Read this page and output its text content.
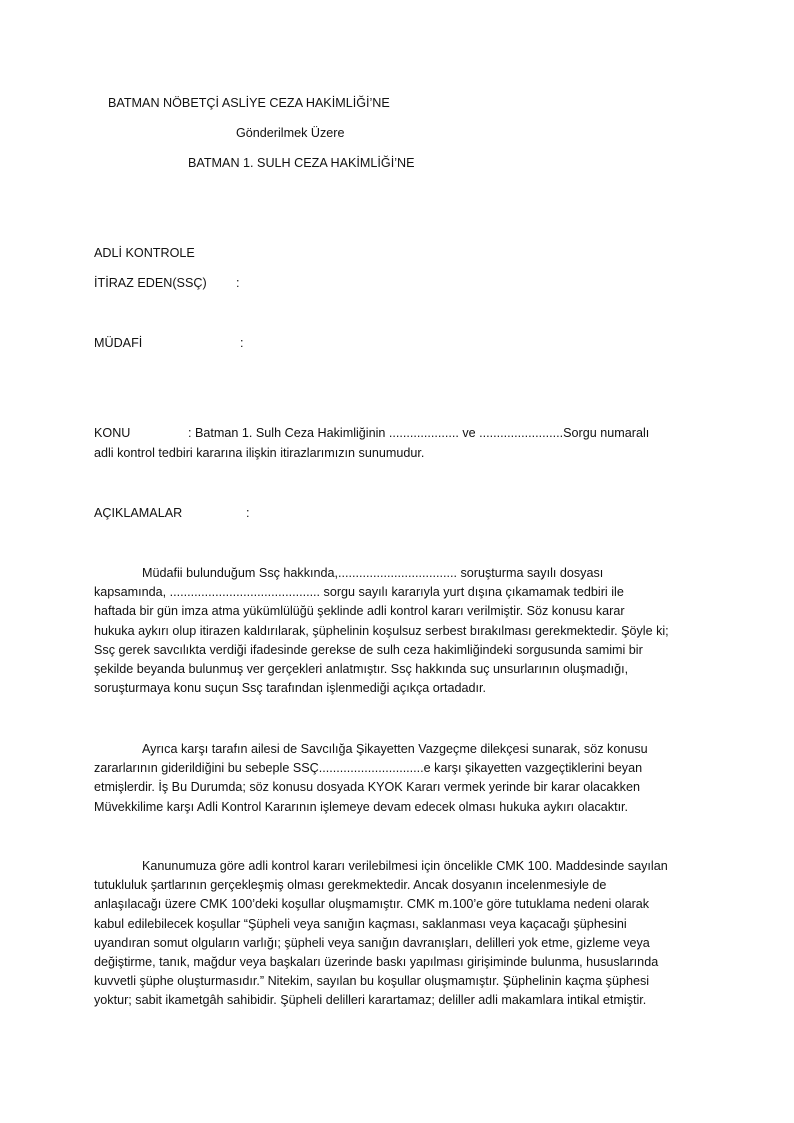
BATMAN NÖBETÇİ ASLİYE CEZA HAKİMLİĞİ’NE
Gönderilmek Üzere
BATMAN 1. SULH CEZA HAKİMLİĞİ’NE
ADLİ KONTROLE
İTİRAZ EDEN(SSÇ) :
MÜDAFİ	:
KONU	: Batman 1. Sulh Ceza Hakimliğinin .................... ve ........................Sorgu numaralı
adli kontrol tedbiri kararına ilişkin itirazlarımızın sunumudur.
AÇIKLAMALAR	:
Müdafii bulunduğum Ssç hakkında,.................................. soruşturma sayılı dosyası
kapsamında, ........................................... sorgu sayılı kararıyla yurt dışına çıkamamak tedbiri ile
haftada bir gün imza atma yükümlülüğü şeklinde adli kontrol kararı verilmiştir. Söz konusu karar
hukuka aykırı olup itirazen kaldırılarak, şüphelinin koşulsuz serbest bırakılması gerekmektedir. Şöyle ki;
Ssç gerek savcılıkta verdiği ifadesinde gerekse de sulh ceza hakimliğindeki sorgusunda samimi bir
şekilde beyanda bulunmuş ver gerçekleri anlatmıştır. Ssç hakkında suç unsurlarının oluşmadığı,
soruşturmaya konu suçun Ssç tarafından işlenmediği açıkça ortadadır.
Ayrıca karşı tarafın ailesi de Savcılığa Şikayetten Vazgeçme dilekçesi sunarak, söz konusu
zararlarının giderildiğini bu sebeple SSÇ..............................e karşı şikayetten vazgeçtiklerini beyan
etmişlerdir. İş Bu Durumda; söz konusu dosyada KYOK Kararı vermek yerinde bir karar olacakken
Müvekkilime karşı Adli Kontrol Kararının işlemeye devam edecek olması hukuka aykırı olacaktır.
Kanunumuza göre adli kontrol kararı verilebilmesi için öncelikle CMK 100. Maddesinde sayılan
tutukluluk şartlarının gerçekleşmiş olması gerekmektedir. Ancak dosyanın incelenmesiyle de
anlaşılacağı üzere CMK 100’deki koşullar oluşmamıştır. CMK m.100’e göre tutuklama nedeni olarak
kabul edilebilecek koşullar “Şüpheli veya sanığın kaçması, saklanması veya kaçacağı şüphesini
uyandıran somut olguların varlığı; şüpheli veya sanığın davranışları, delilleri yok etme, gizleme veya
değiştirme, tanık, mağdur veya başkaları üzerinde baskı yapılması girişiminde bulunma, hususlarında
kuvvetli şüphe oluşturmasıdır.” Nitekim, sayılan bu koşullar oluşmamıştır. Şüphelinin kaçma şüphesi
yoktur; sabit ikametgâh sahibidir. Şüpheli delilleri karartamaz; deliller adli makamlara intikal etmiştir.
